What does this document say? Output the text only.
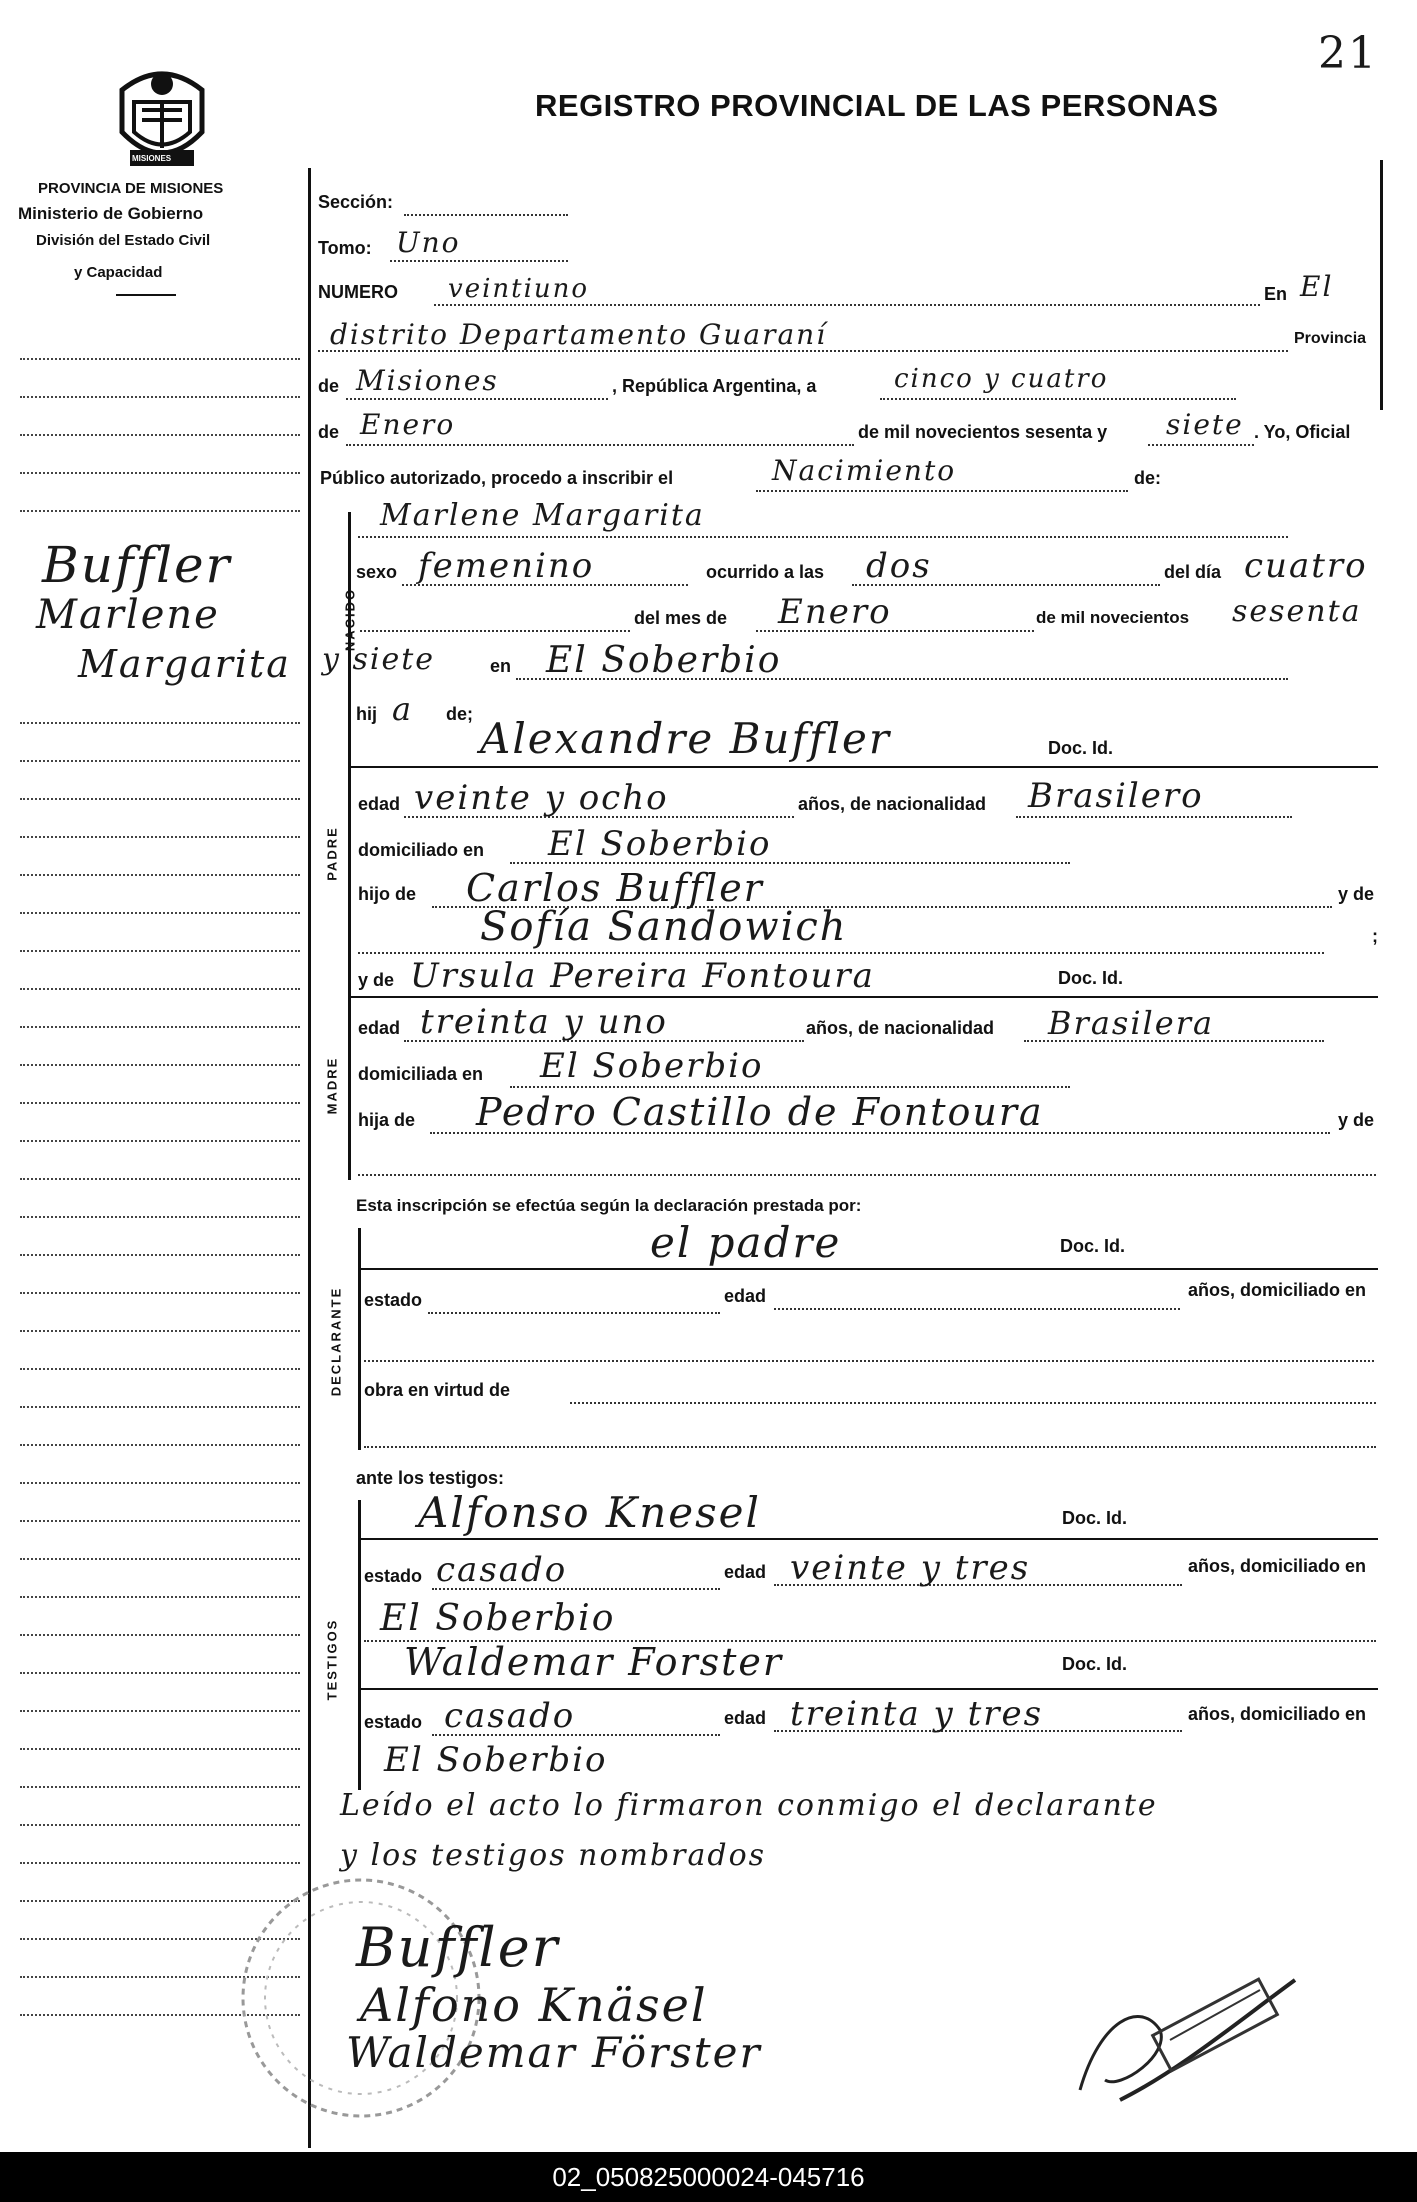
21
MISIONES
REGISTRO PROVINCIAL DE LAS PERSONAS
PROVINCIA DE MISIONES
Ministerio de Gobierno
División del Estado Civil
y Capacidad
Buffler
Marlene
Margarita
Sección:
Tomo: Uno
NUMERO veintiuno	En El
distrito Departamento Guaraní	Provincia
de Misiones	, República Argentina, a	cinco y cuatro
de Enero	de mil novecientos sesenta y siete . Yo, Oficial
Público autorizado, procedo a inscribir el	Nacimiento	de:
Marlene Margarita
NACIDO
sexo femenino	ocurrido a las dos	del día cuatro
del mes de Enero	de mil novecientos sesenta
y siete	en El Soberbio
hij a de;
PADRE
Alexandre Buffler	Doc. Id.
edad veinte y ocho	años, de nacionalidad Brasilero
domiciliado en El Soberbio
hijo de Carlos Buffler	y de
Sofía Sandowich	;
MADRE
y de Ursula Pereira Fontoura	Doc. Id.
edad treinta y uno	años, de nacionalidad Brasilera
domiciliada en El Soberbio
hija de Pedro Castillo de Fontoura	y de
Esta inscripción se efectúa según la declaración prestada por:
DECLARANTE
el padre	Doc. Id.
estado	edad	años, domiciliado en
obra en virtud de
ante los testigos:
TESTIGOS
Alfonso Knesel	Doc. Id.
estado casado	edad veinte y tres	años, domiciliado en
El Soberbio
Waldemar Forster	Doc. Id.
estado casado	edad treinta y tres	años, domiciliado en
El Soberbio
Leído el acto lo firmaron conmigo el declarante
y los testigos nombrados
Buffler
Alfono Knäsel
Waldemar Förster
02_050825000024-045716
